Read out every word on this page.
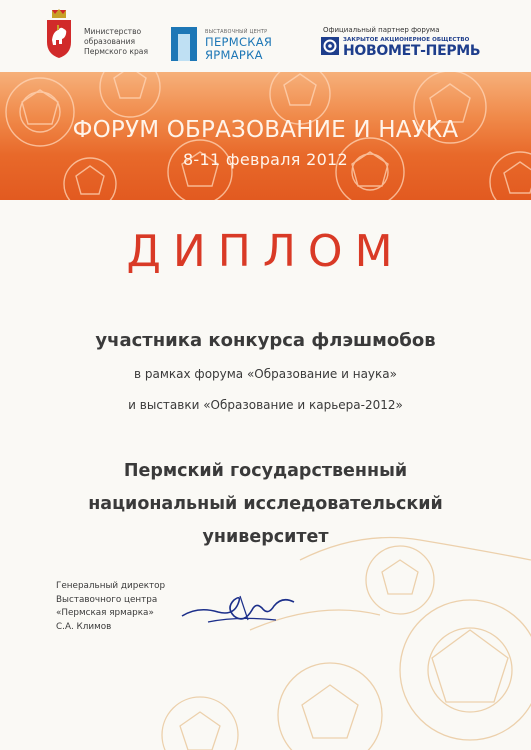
Министерство
образования
Пермского края
ВЫСТАВОЧНЫЙ ЦЕНТР
ПЕРМСКАЯ
ЯРМАРКА
Официальный партнер форума
ЗАКРЫТОЕ АКЦИОНЕРНОЕ ОБЩЕСТВО
НОВОМЕТ-ПЕРМЬ
ФОРУМ ОБРАЗОВАНИЕ И НАУКА
8-11 февраля 2012
ДИПЛОМ
участника конкурса флэшмобов
в рамках форума «Образование и наука»
и выставки «Образование и карьера-2012»
Пермский государственный
национальный исследовательский
университет
Генеральный директор
Выставочного центра
«Пермская ярмарка»
С.А. Климов
